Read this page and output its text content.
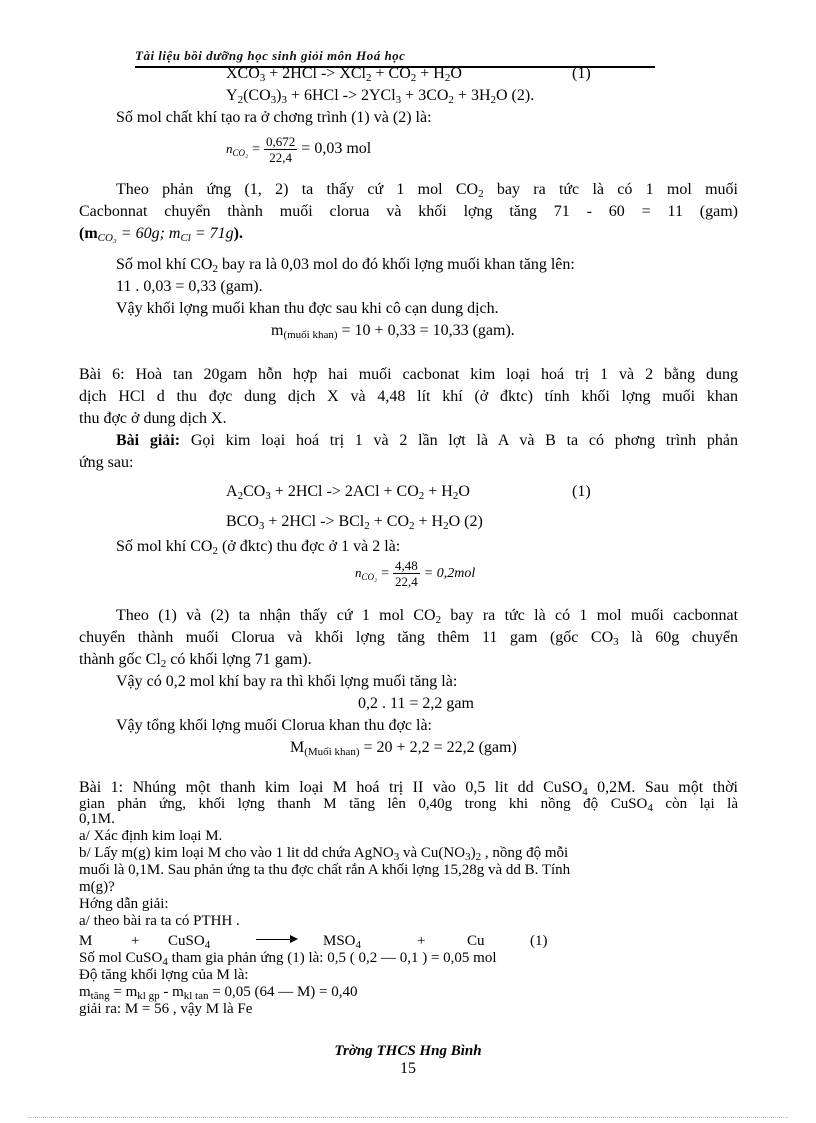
Tài liệu bồi dưỡng học sinh giỏi môn Hoá học
$XCO_3 + 2HCl -> XCl_2 + CO_2 + H_2O$	(1)
$Y_2(CO_3)_3 + 6HCl -> 2YCl_3 + 3CO_2 + 3H_2O$ (2).
Số mol chất khí tạo ra ở chơng trình (1) và (2) là:
$n_{CO_2} = \frac{0,672}{22,4} = 0,03$ mol
Theo phản ứng (1, 2) ta thấy cứ 1 mol $CO_2$ bay ra tức là có 1 mol muối
Cacbonnat chuyển thành muối clorua và khối lợng tăng 71 - 60 = 11 (gam)
($m_{CO_3} = 60g$; $m_{Cl} = 71g$).
Số mol khí $CO_2$ bay ra là 0,03 mol do đó khối lợng muối khan tăng lên:
11 . 0,03 = 0,33 (gam).
Vậy khối lợng muối khan thu đợc sau khi cô cạn dung dịch.
$m_{(muối khan)} = 10 + 0,33 = 10,33$ (gam).
Bài 6: Hoà tan 20gam hỗn hợp hai muối cacbonat kim loại hoá trị 1 và 2 bằng dung
dịch HCl d thu đợc dung dịch X và 4,48 lít khí (ở đktc) tính khối lợng muối khan
thu đợc ở dung dịch X.
Bài giải: Gọi kim loại hoá trị 1 và 2 lần lợt là A và B ta có phơng trình phản
ứng sau:
$A_2CO_3 + 2HCl -> 2ACl + CO_2 + H_2O$	(1)
$BCO_3 + 2HCl -> BCl_2 + CO_2 + H_2O$ (2)
Số mol khí $CO_2$ (ở đktc) thu đợc ở 1 và 2 là:
$n_{CO_2} = \frac{4,48}{22,4} = 0,2mol$
Theo (1) và (2) ta nhận thấy cứ 1 mol $CO_2$ bay ra tức là có 1 mol muối cacbonnat
chuyển thành muối Clorua và khối lợng tăng thêm 11 gam (gốc $CO_3$ là 60g chuyển
thành gốc $Cl_2$ có khối lợng 71 gam).
Vậy có 0,2 mol khí bay ra thì khối lợng muối tăng là:
0,2 . 11 = 2,2 gam
Vậy tổng khối lợng muối Clorua khan thu đợc là:
$M_{(Muối khan)} = 20 + 2,2 = 22,2$ (gam)
Bài 1: Nhúng một thanh kim loại M hoá trị II vào 0,5 lit dd CuSO$_4$ 0,2M. Sau một thời
gian phản ứng, khối lợng thanh M tăng lên 0,40g trong khi nồng độ CuSO$_4$ còn lại là
0,1M.
a/ Xác định kim loại M.
b/ Lấy m(g) kim loại M cho vào 1 lit dd chứa AgNO$_3$ và $Cu(NO_3)_2$ , nồng độ mỗi
muối là 0,1M. Sau phản ứng ta thu đợc chất rắn A khối lợng 15,28g và dd B. Tính
m(g)?
Hớng dẫn giải:
a/ theo bài ra ta có PTHH .
M	+ CuSO$_4$	$MSO_4$	+	Cu	(1)
Số mol CuSO$_4$ tham gia phản ứng (1) là: 0,5 ( 0,2 — 0,1 ) = 0,05 mol
Độ tăng khối lợng của M là:
$m_{tăng} = m_{kl gp} - m_{kl tan} = 0,05$ (64 — M) = 0,40
giải ra: M = 56 , vậy M là Fe
Trờng THCS Hng Bình
15
